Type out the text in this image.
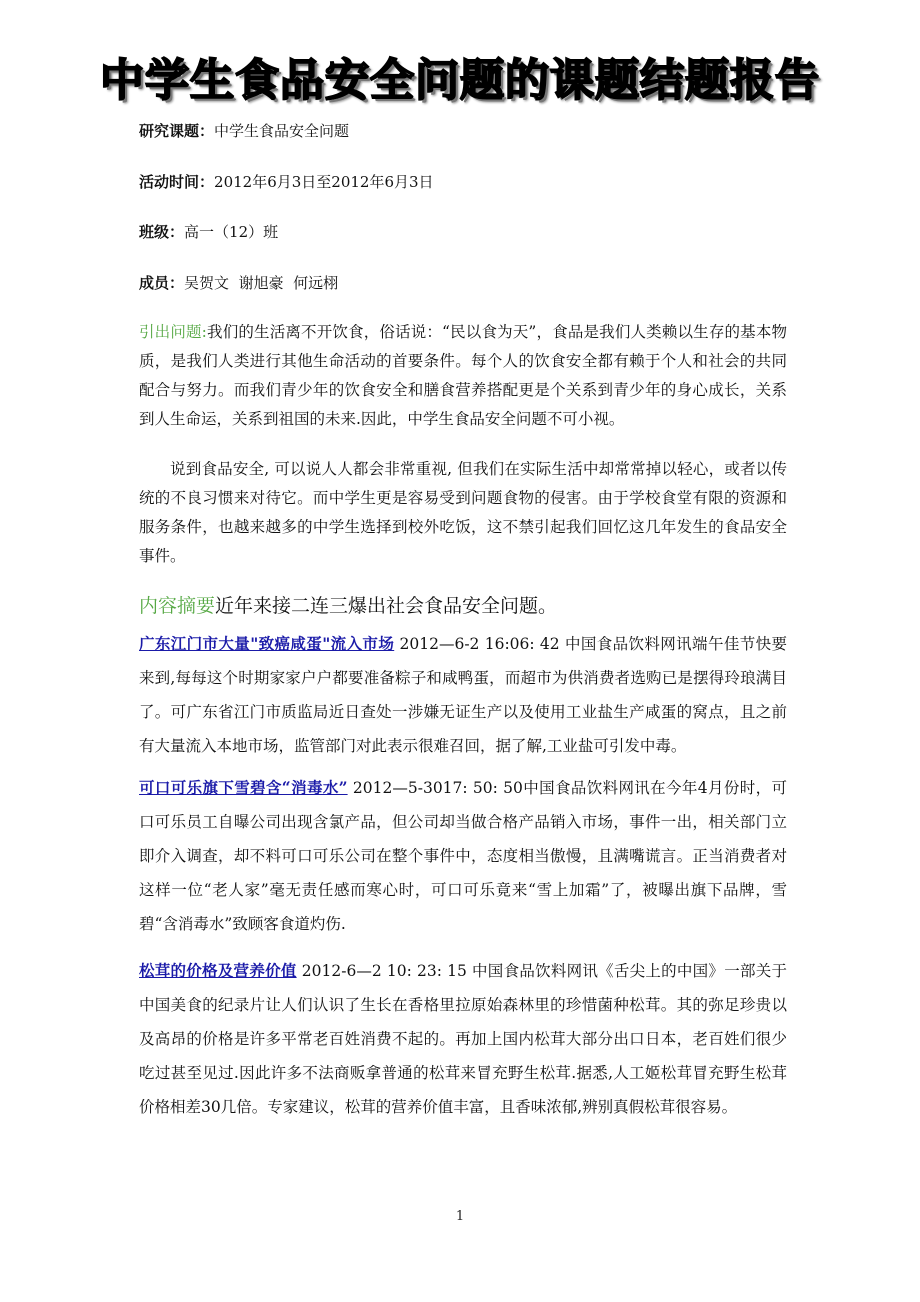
中学生食品安全问题的课题结题报告
研究课题：中学生食品安全问题
活动时间：2012年6月3日至2012年6月3日
班级：高一（12）班
成员：吴贺文  谢旭豪  何远栩
引出问题:我们的生活离不开饮食，俗话说：“民以食为天”，食品是我们人类赖以生存的基本物质，是我们人类进行其他生命活动的首要条件。每个人的饮食安全都有赖于个人和社会的共同配合与努力。而我们青少年的饮食安全和膳食营养搭配更是个关系到青少年的身心成长，关系到人生命运，关系到祖国的未来.因此，中学生食品安全问题不可小视。
说到食品安全, 可以说人人都会非常重视, 但我们在实际生活中却常常掉以轻心，或者以传统的不良习惯来对待它。而中学生更是容易受到问题食物的侵害。由于学校食堂有限的资源和服务条件，也越来越多的中学生选择到校外吃饭，这不禁引起我们回忆这几年发生的食品安全事件。
内容摘要近年来接二连三爆出社会食品安全问题。
广东江门市大量"致癌咸蛋"流入市场 2012—6-2 16:06: 42 中国食品饮料网讯端午佳节快要来到,每每这个时期家家户户都要准备粽子和咸鸭蛋，而超市为供消费者选购已是摆得玲琅满目了。可广东省江门市质监局近日查处一涉嫌无证生产以及使用工业盐生产咸蛋的窝点，且之前有大量流入本地市场，监管部门对此表示很难召回，据了解,工业盐可引发中毒。
可口可乐旗下雪碧含“消毒水” 2012—5-3017: 50: 50中国食品饮料网讯在今年4月份时，可口可乐员工自曝公司出现含氯产品，但公司却当做合格产品销入市场，事件一出，相关部门立即介入调查，却不料可口可乐公司在整个事件中，态度相当傲慢，且满嘴谎言。正当消费者对这样一位“老人家”毫无责任感而寒心时，可口可乐竟来“雪上加霜”了，被曝出旗下品牌，雪碧“含消毒水”致顾客食道灼伤.
松茸的价格及营养价值 2012-6—2 10: 23: 15 中国食品饮料网讯《舌尖上的中国》一部关于中国美食的纪录片让人们认识了生长在香格里拉原始森林里的珍惜菌种松茸。其的弥足珍贵以及高昂的价格是许多平常老百姓消费不起的。再加上国内松茸大部分出口日本，老百姓们很少吃过甚至见过.因此许多不法商贩拿普通的松茸来冒充野生松茸.据悉,人工姬松茸冒充野生松茸价格相差30几倍。专家建议，松茸的营养价值丰富，且香味浓郁,辨别真假松茸很容易。
1
